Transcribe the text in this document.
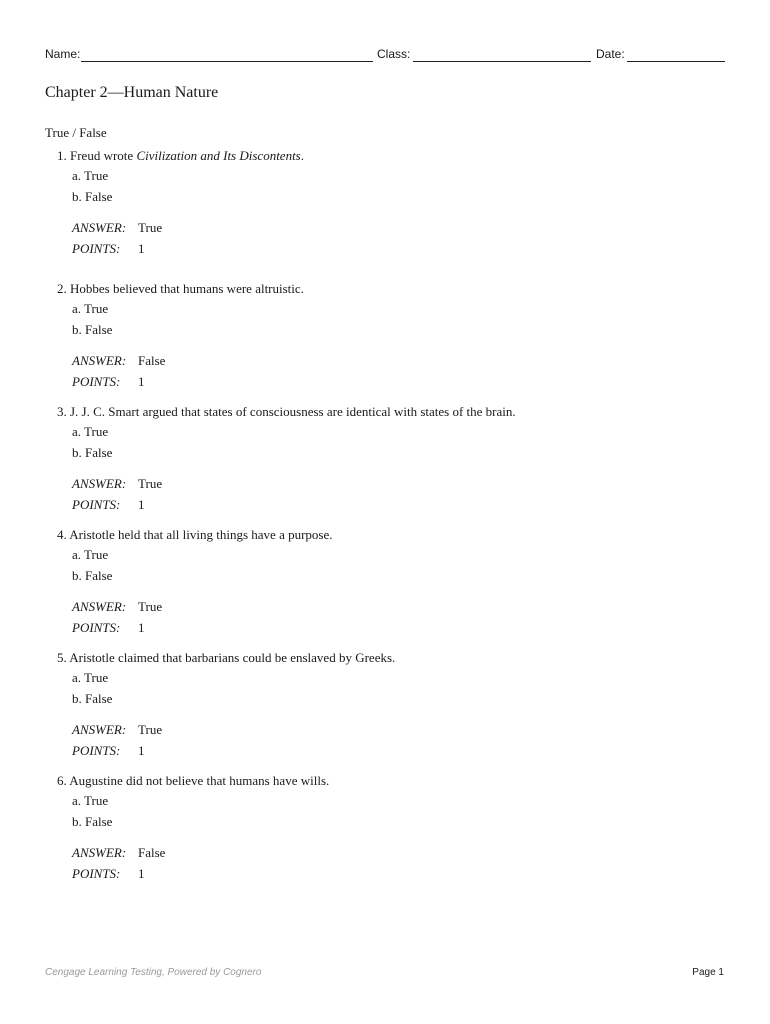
Name:	Class:	Date:
Chapter 2—Human Nature
True / False
1. Freud wrote Civilization and Its Discontents.
a. True
b. False
ANSWER: True
POINTS: 1
2. Hobbes believed that humans were altruistic.
a. True
b. False
ANSWER: False
POINTS: 1
3. J. J. C. Smart argued that states of consciousness are identical with states of the brain.
a. True
b. False
ANSWER: True
POINTS: 1
4. Aristotle held that all living things have a purpose.
a. True
b. False
ANSWER: True
POINTS: 1
5. Aristotle claimed that barbarians could be enslaved by Greeks.
a. True
b. False
ANSWER: True
POINTS: 1
6. Augustine did not believe that humans have wills.
a. True
b. False
ANSWER: False
POINTS: 1
Cengage Learning Testing, Powered by Cognero	Page 1
